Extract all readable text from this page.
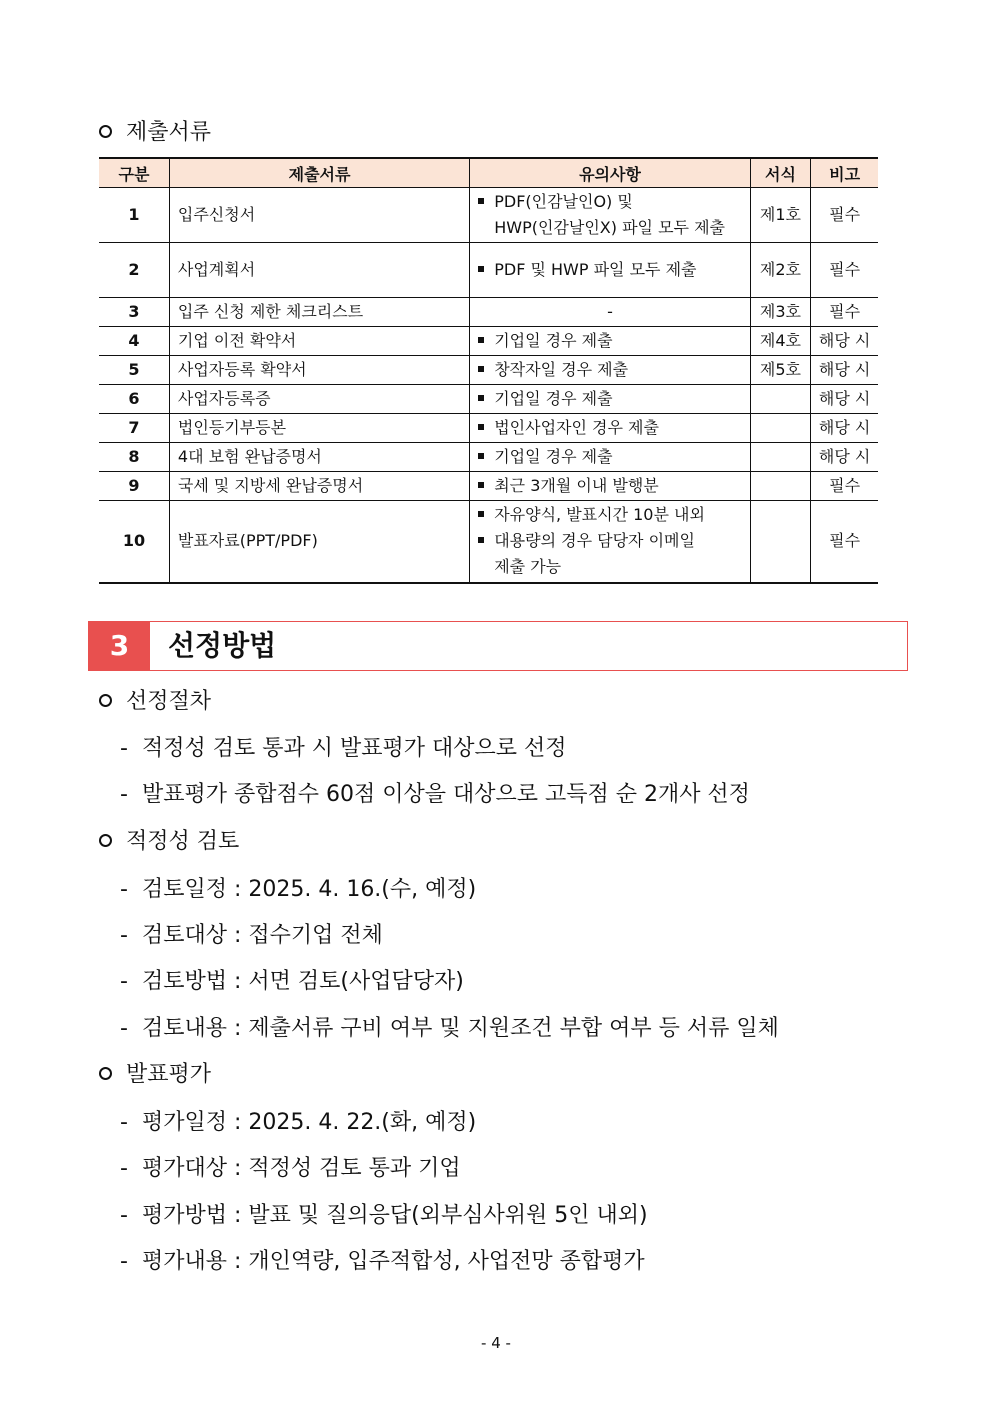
제출서류
구분	제출서류	유의사항	서식	비고
1	입주신청서	PDF(인감날인O) 및
HWP(인감날인X) 파일 모두 제출	제1호	필수
2	사업계획서	PDF 및 HWP 파일 모두 제출	제2호	필수
3	입주 신청 제한 체크리스트	-	제3호	필수
4	기업 이전 확약서	기업일 경우 제출	제4호	해당 시
5	사업자등록 확약서	창작자일 경우 제출	제5호	해당 시
6	사업자등록증	기업일 경우 제출		해당 시
7	법인등기부등본	법인사업자인 경우 제출		해당 시
8	4대 보험 완납증명서	기업일 경우 제출		해당 시
9	국세 및 지방세 완납증명서	최근 3개월 이내 발행분		필수
10	발표자료(PPT/PDF)	자유양식, 발표시간 10분 내외
대용량의 경우 담당자 이메일
제출 가능		필수
3	선정방법
선정절차
- 적정성 검토 통과 시 발표평가 대상으로 선정
- 발표평가 종합점수 60점 이상을 대상으로 고득점 순 2개사 선정
적정성 검토
- 검토일정 : 2025. 4. 16.(수, 예정)
- 검토대상 : 접수기업 전체
- 검토방법 : 서면 검토(사업담당자)
- 검토내용 : 제출서류 구비 여부 및 지원조건 부합 여부 등 서류 일체
발표평가
- 평가일정 : 2025. 4. 22.(화, 예정)
- 평가대상 : 적정성 검토 통과 기업
- 평가방법 : 발표 및 질의응답(외부심사위원 5인 내외)
- 평가내용 : 개인역량, 입주적합성, 사업전망 종합평가
- 4 -
